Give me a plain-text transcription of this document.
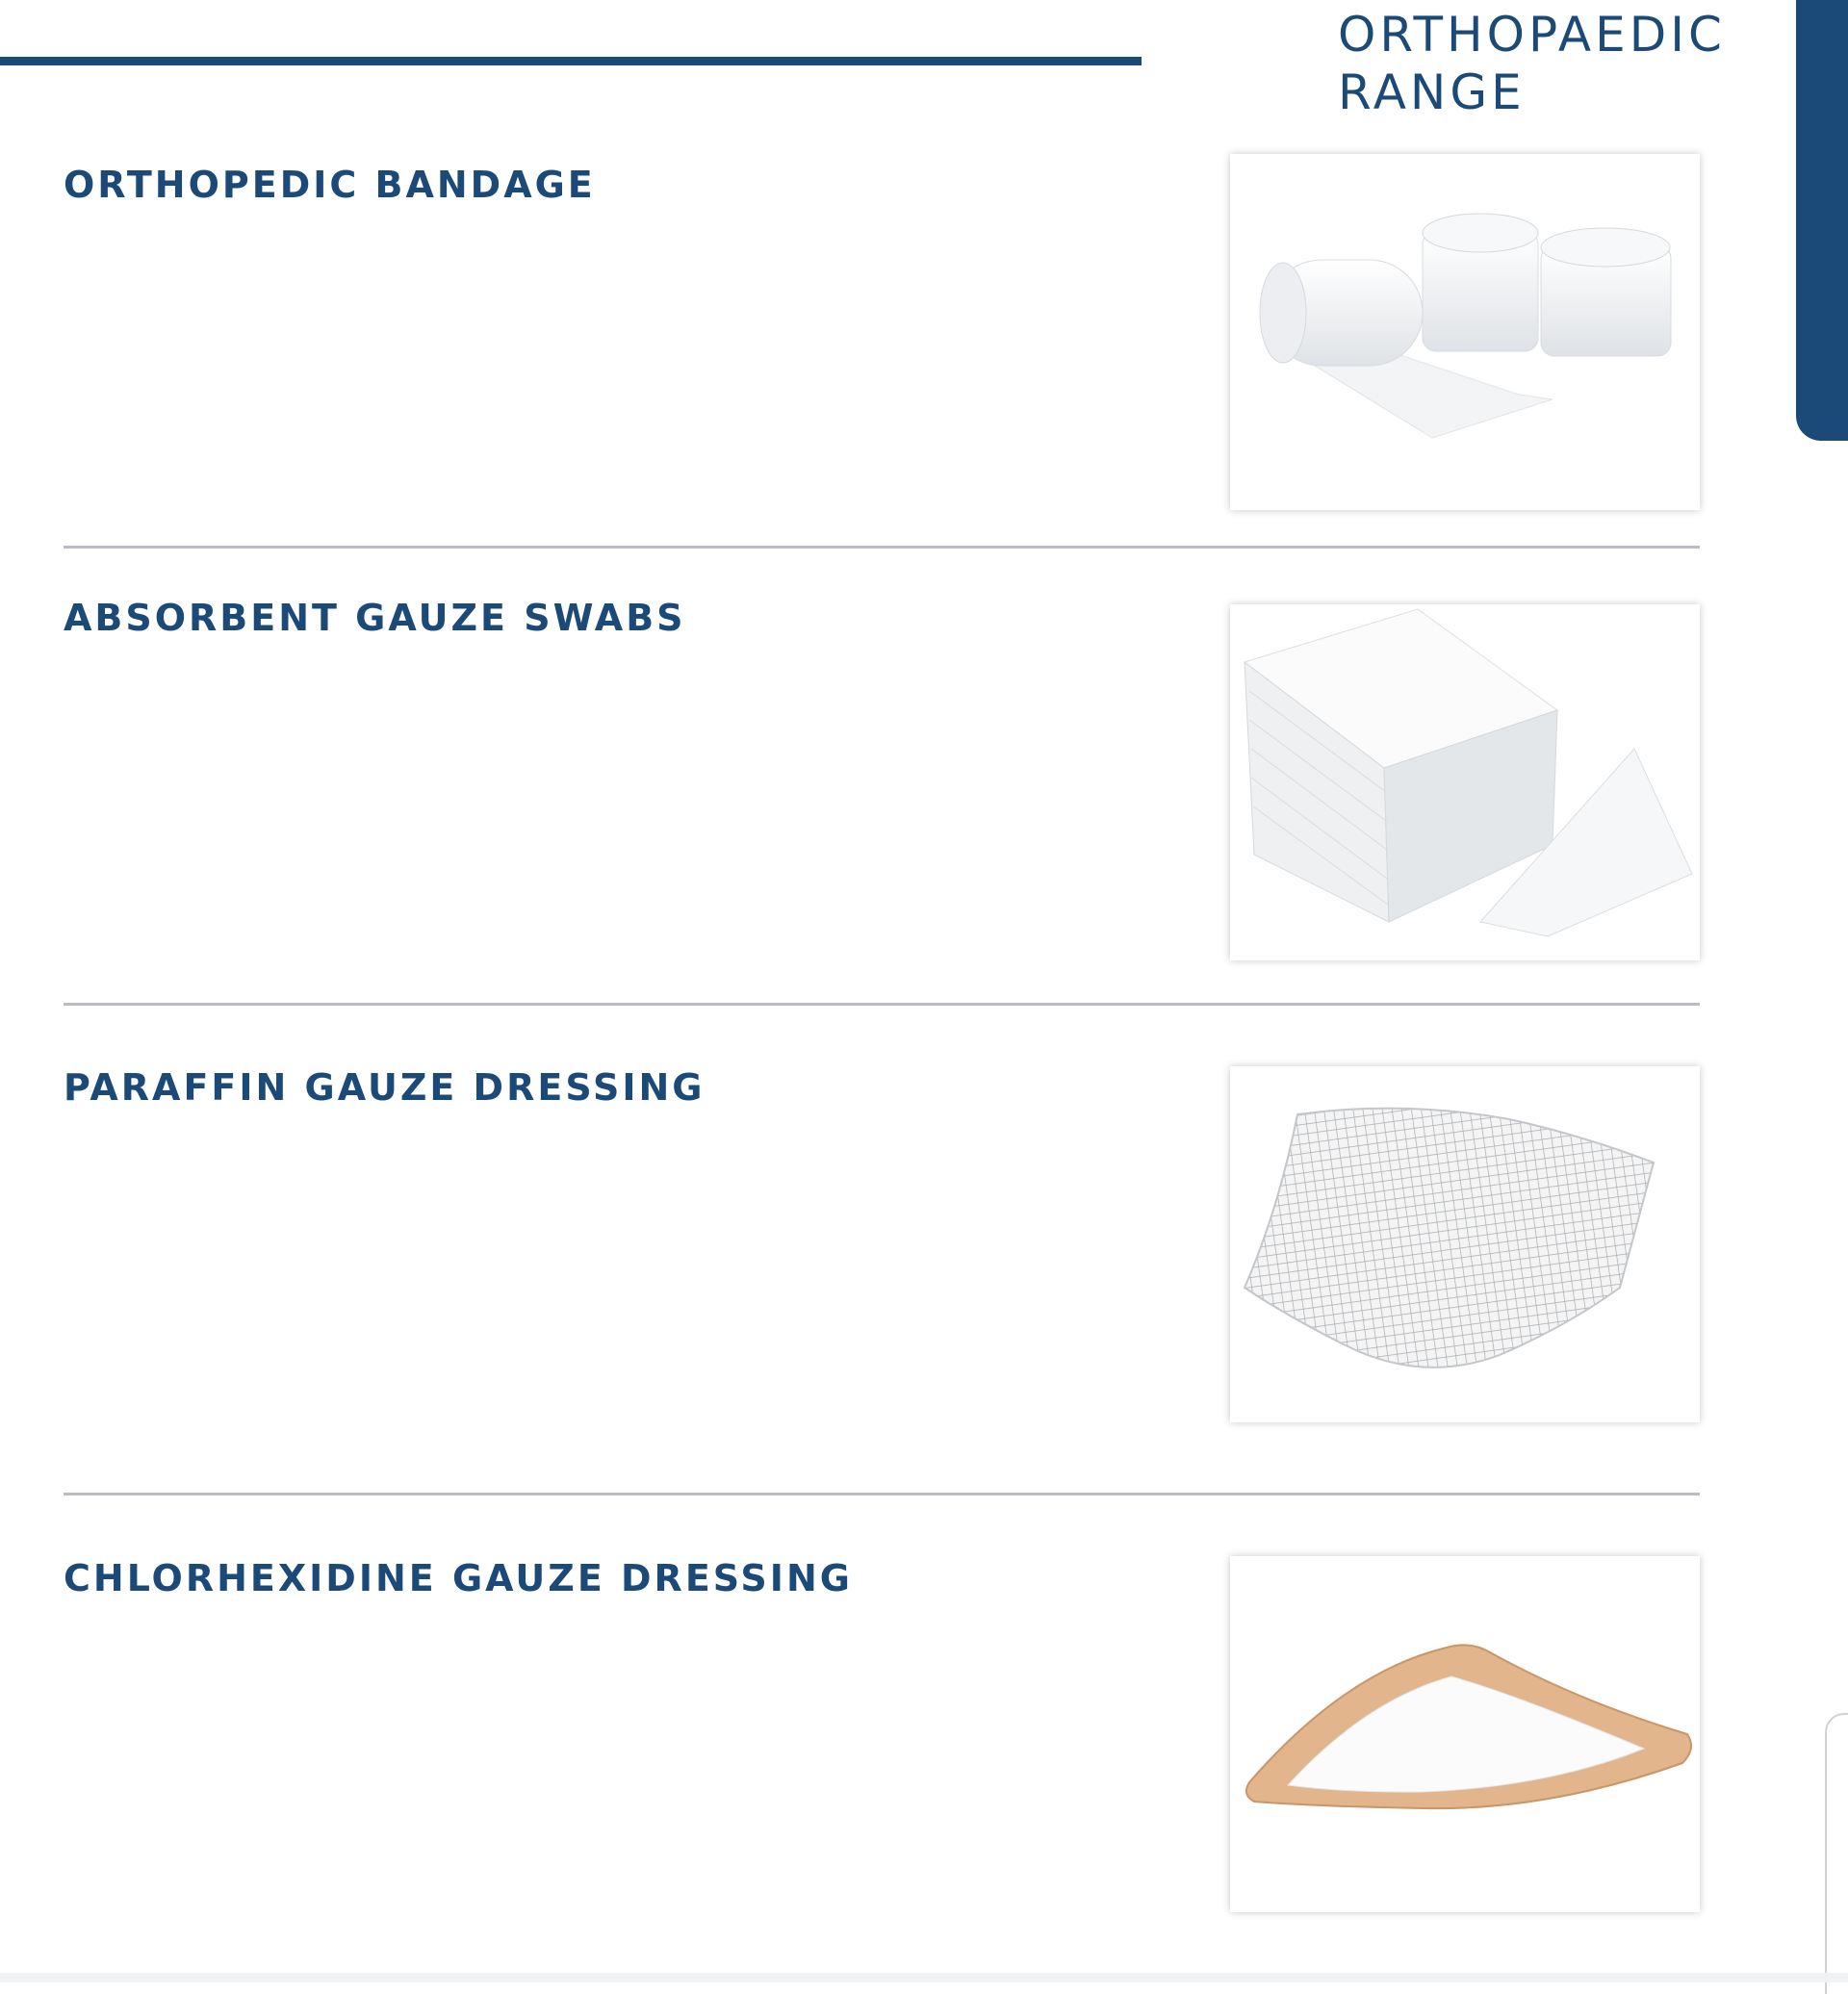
ORTHOPAEDIC
RANGE
ORTHOPEDIC BANDAGE
ABSORBENT GAUZE SWABS
PARAFFIN GAUZE DRESSING
CHLORHEXIDINE GAUZE DRESSING
